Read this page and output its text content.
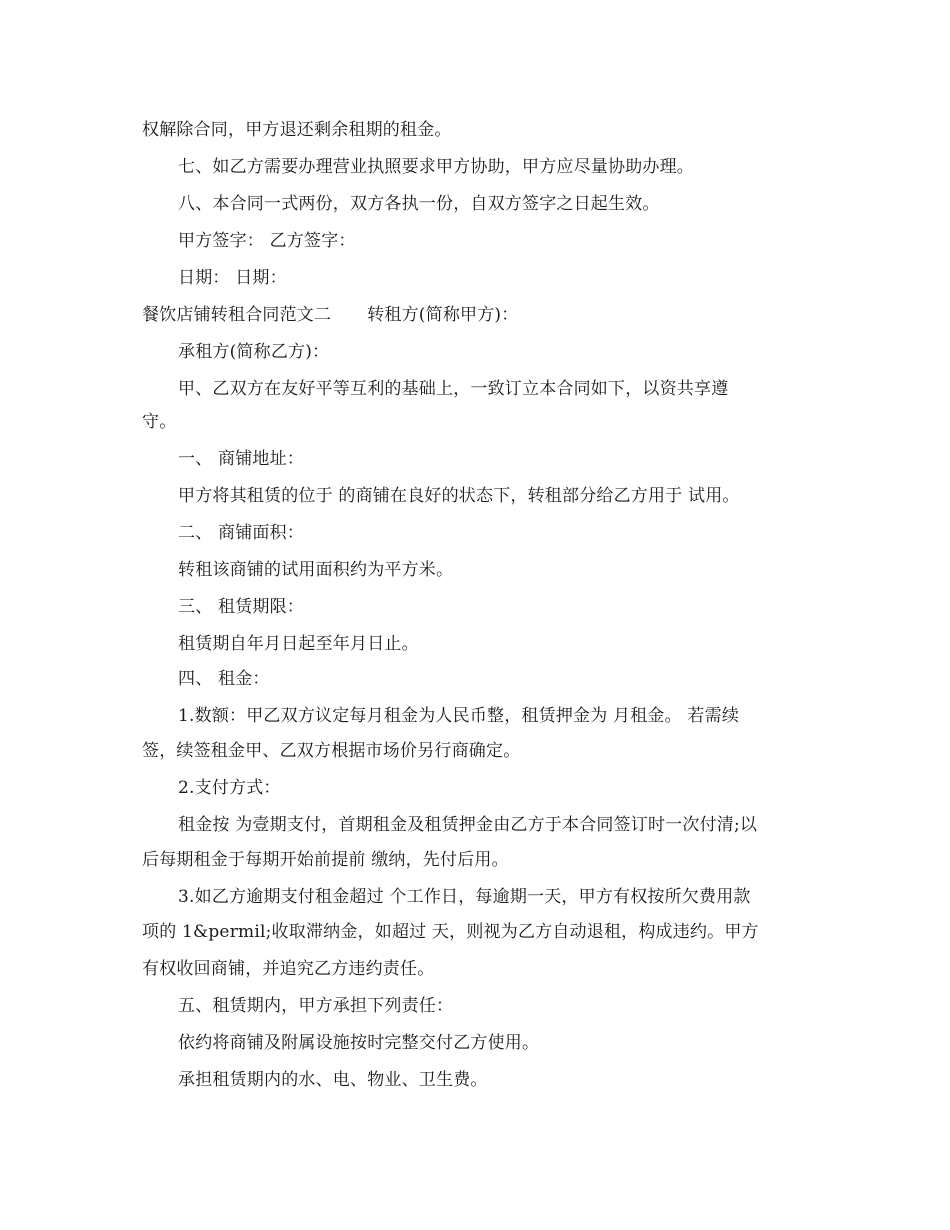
权解除合同，甲方退还剩余租期的租金。
七、如乙方需要办理营业执照要求甲方协助，甲方应尽量协助办理。
八、本合同一式两份，双方各执一份，自双方签字之日起生效。
甲方签字： 乙方签字：
日期： 日期：
餐饮店铺转租合同范文二 转租方(简称甲方)：
承租方(简称乙方)：
甲、乙双方在友好平等互利的基础上，一致订立本合同如下，以资共享遵
守。
一、 商铺地址：
甲方将其租赁的位于 的商铺在良好的状态下，转租部分给乙方用于 试用。
二、 商铺面积：
转租该商铺的试用面积约为平方米。
三、 租赁期限：
租赁期自年月日起至年月日止。
四、 租金：
1.数额：甲乙双方议定每月租金为人民币整，租赁押金为 月租金。 若需续
签，续签租金甲、乙双方根据市场价另行商确定。
2.支付方式：
租金按 为壹期支付，首期租金及租赁押金由乙方于本合同签订时一次付清;以
后每期租金于每期开始前提前 缴纳，先付后用。
3.如乙方逾期支付租金超过 个工作日，每逾期一天，甲方有权按所欠费用款
项的 1&permil;收取滞纳金，如超过 天，则视为乙方自动退租，构成违约。甲方
有权收回商铺，并追究乙方违约责任。
五、租赁期内，甲方承担下列责任：
依约将商铺及附属设施按时完整交付乙方使用。
承担租赁期内的水、电、物业、卫生费。
